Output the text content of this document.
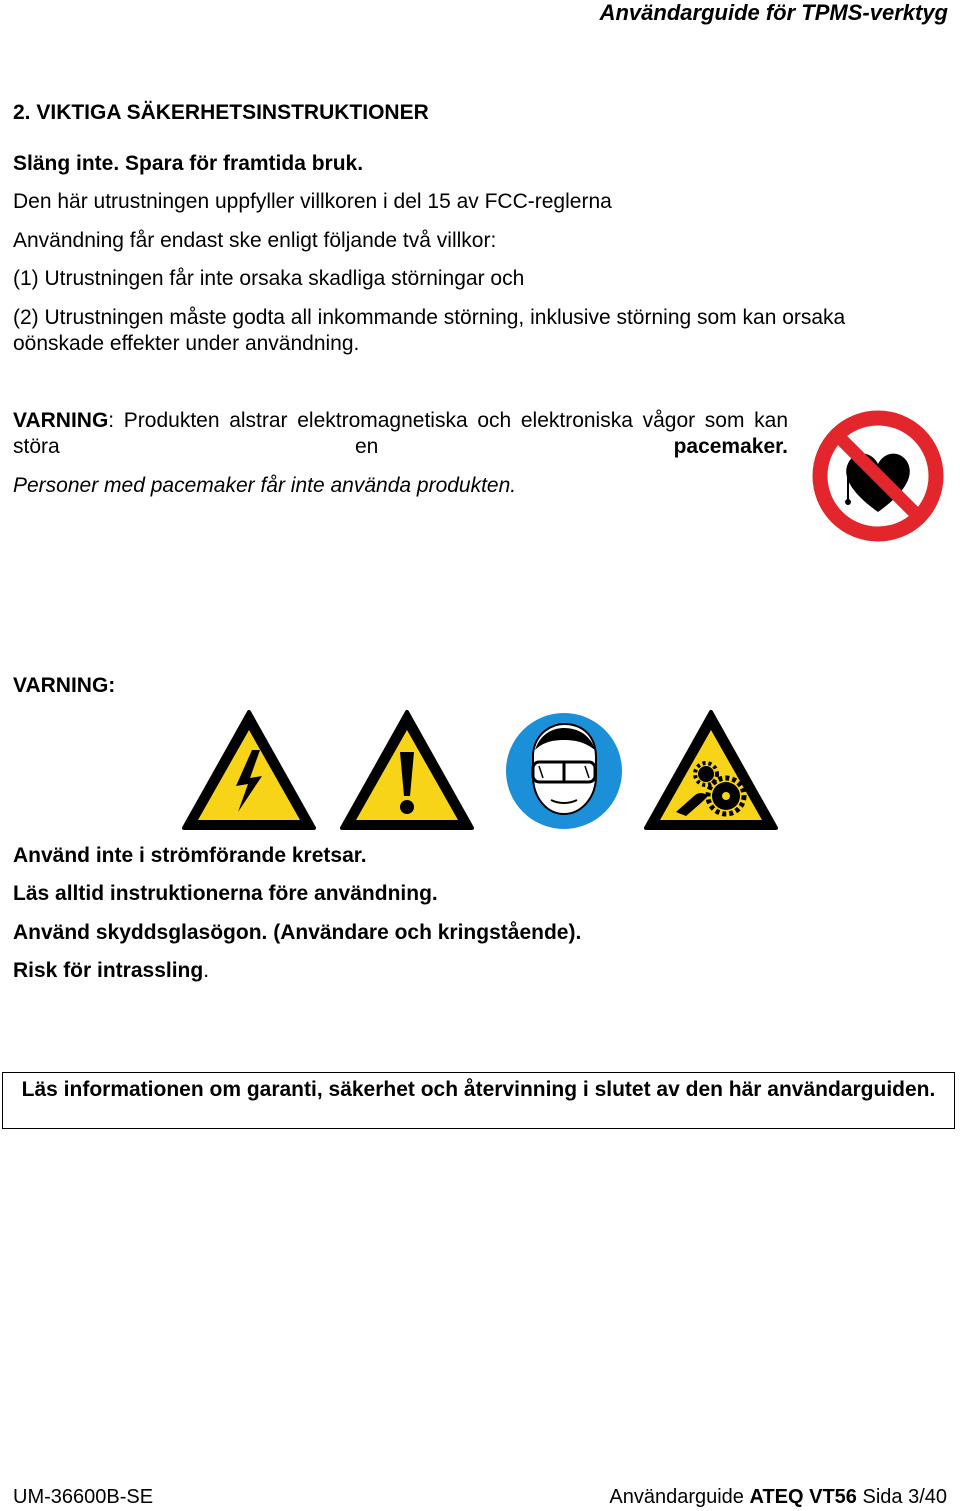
Användarguide för TPMS-verktyg
2. VIKTIGA SÄKERHETSINSTRUKTIONER
Släng inte. Spara för framtida bruk.
Den här utrustningen uppfyller villkoren i del 15 av FCC-reglerna
Användning får endast ske enligt följande två villkor:
(1) Utrustningen får inte orsaka skadliga störningar och
(2) Utrustningen måste godta all inkommande störning, inklusive störning som kan orsaka
oönskade effekter under användning.
VARNING: Produkten alstrar elektromagnetiska och elektroniska vågor som kan störa en pacemaker.
Personer med pacemaker får inte använda produkten.
VARNING:
Använd inte i strömförande kretsar.
Läs alltid instruktionerna före användning.
Använd skyddsglasögon. (Användare och kringstående).
Risk för intrassling.
Läs informationen om garanti, säkerhet och återvinning i slutet av den här användarguiden.
UM-36600B-SE	Användarguide ATEQ VT56 Sida 3/40
